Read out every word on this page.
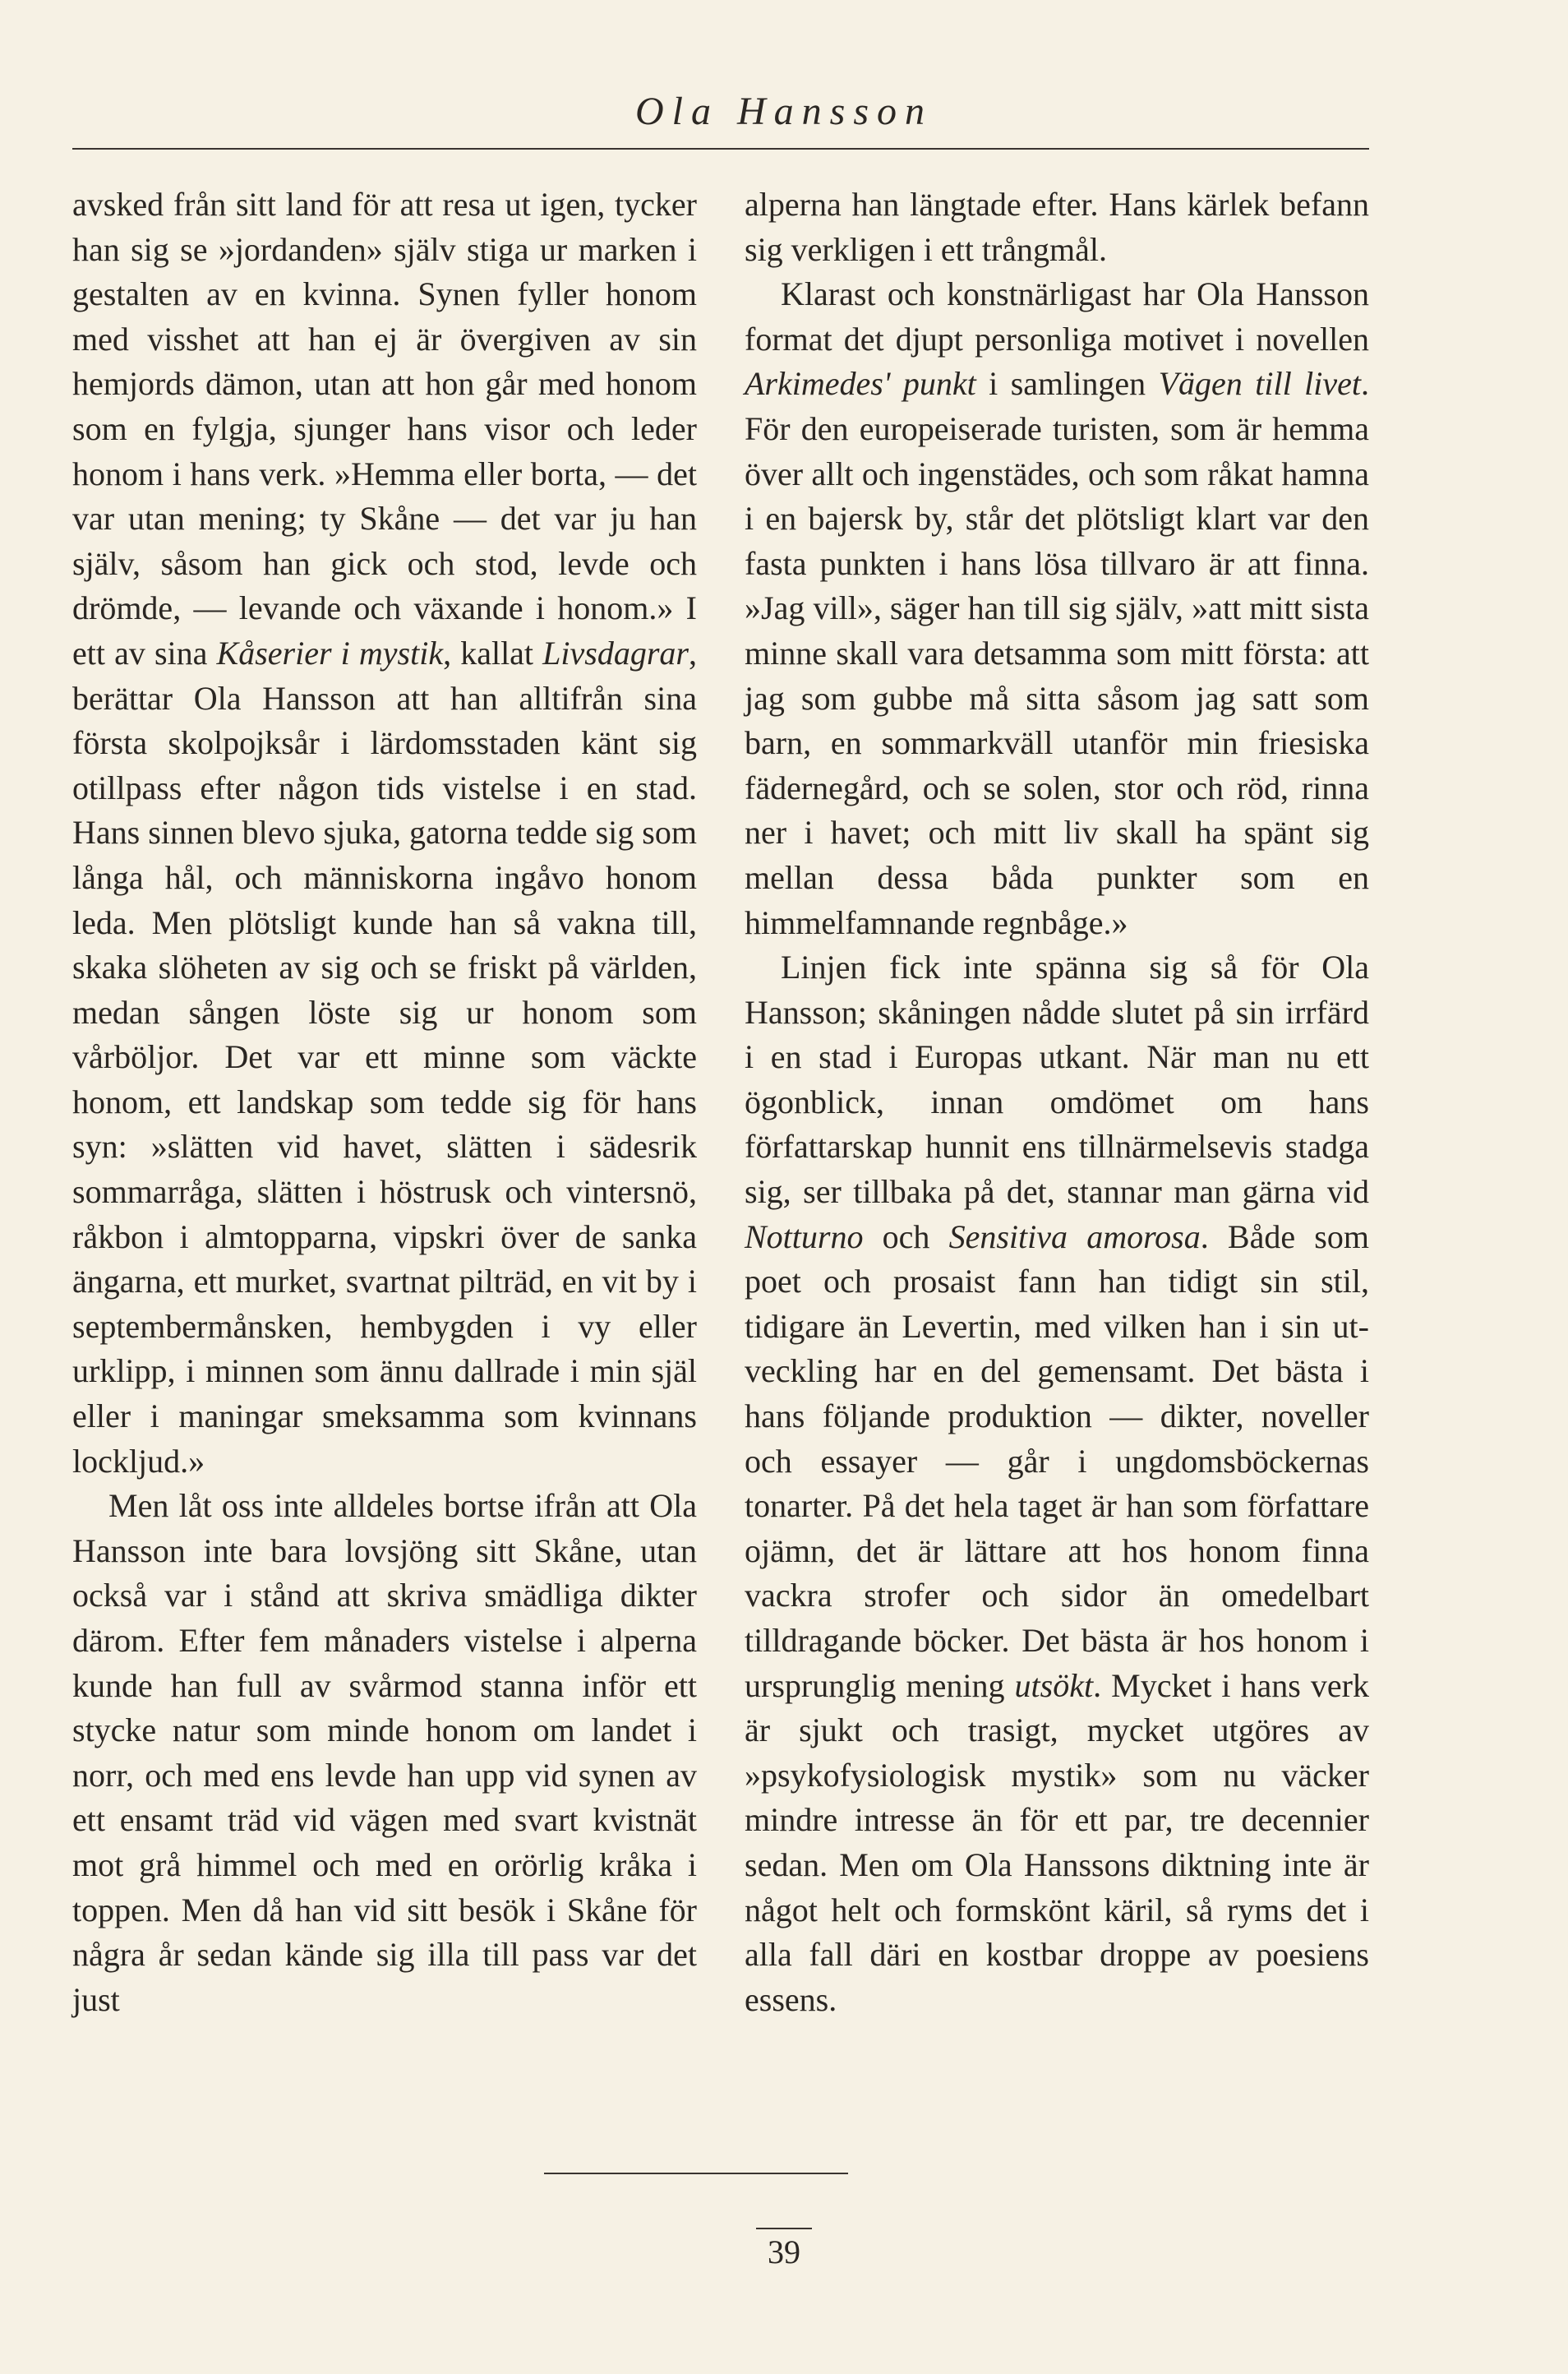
Ola Hansson

avsked från sitt land för att resa ut igen, tycker han sig se »jordanden» själv stiga ur marken i gestalten av en kvinna. Synen fyller honom med visshet att han ej är övergiven av sin hemjords dämon, utan att hon går med honom som en fylgja, sjunger hans visor och leder honom i hans verk. »Hemma eller borta, — det var utan mening; ty Skåne — det var ju han själv, såsom han gick och stod, levde och drömde, — levande och växande i honom.» I ett av sina Kåserier i mystik, kallat Livsdagrar, berättar Ola Hansson att han alltifrån sina första skolpojksår i lärdomsstaden känt sig otillpass efter någon tids vistelse i en stad. Hans sinnen blevo sjuka, gatorna tedde sig som långa hål, och människorna ingåvo honom leda. Men plötsligt kunde han så vakna till, skaka slöheten av sig och se friskt på världen, medan sången löste sig ur honom som vårböljor. Det var ett minne som väckte honom, ett landskap som tedde sig för hans syn: »slätten vid havet, slätten i sädesrik sommarråga, slätten i höstrusk och vintersnö, råkbon i almtopparna, vipskri över de sanka ängarna, ett murket, svartnat pilträd, en vit by i septembermånsken, hembygden i vy eller urklipp, i minnen som ännu dallrade i min själ eller i maningar smeksamma som kvinnans lockljud.»

Men låt oss inte alldeles bortse ifrån att Ola Hansson inte bara lovsjöng sitt Skåne, utan också var i stånd att skriva smädliga dikter därom. Efter fem månaders vistelse i alperna kunde han full av svårmod stanna inför ett stycke natur som minde honom om landet i norr, och med ens levde han upp vid synen av ett ensamt träd vid vägen med svart kvistnät mot grå himmel och med en orörlig kråka i toppen. Men då han vid sitt besök i Skåne för några år sedan kände sig illa till pass var det just

alperna han längtade efter. Hans kärlek befann sig verkligen i ett trångmål.

Klarast och konstnärligast har Ola Hansson format det djupt personliga motivet i novellen Arkimedes' punkt i samlingen Vägen till livet. För den europeiserade turisten, som är hemma över allt och ingenstädes, och som råkat hamna i en bajersk by, står det plötsligt klart var den fasta punkten i hans lösa tillvaro är att finna. »Jag vill», säger han till sig själv, »att mitt sista minne skall vara detsamma som mitt första: att jag som gubbe må sitta såsom jag satt som barn, en sommarkväll utanför min friesiska fädernegård, och se solen, stor och röd, rinna ner i havet; och mitt liv skall ha spänt sig mellan dessa båda punkter som en himmelfamnande regnbåge.»

Linjen fick inte spänna sig så för Ola Hansson; skåningen nådde slutet på sin irrfärd i en stad i Europas utkant. När man nu ett ögonblick, innan omdömet om hans författarskap hunnit ens tillnärmelsevis stadga sig, ser tillbaka på det, stannar man gärna vid Notturno och Sensitiva amorosa. Både som poet och prosaist fann han tidigt sin stil, tidigare än Levertin, med vilken han i sin utveckling har en del gemensamt. Det bästa i hans följande produktion — dikter, noveller och essayer — går i ungdomsböckernas tonarter. På det hela taget är han som författare ojämn, det är lättare att hos honom finna vackra strofer och sidor än omedelbart tilldragande böcker. Det bästa är hos honom i ursprunglig mening utsökt. Mycket i hans verk är sjukt och trasigt, mycket utgöres av »psykofysiologisk mystik» som nu väcker mindre intresse än för ett par, tre decennier sedan. Men om Ola Hanssons diktning inte är något helt och formskönt käril, så ryms det i alla fall däri en kostbar droppe av poesiens essens.

39
